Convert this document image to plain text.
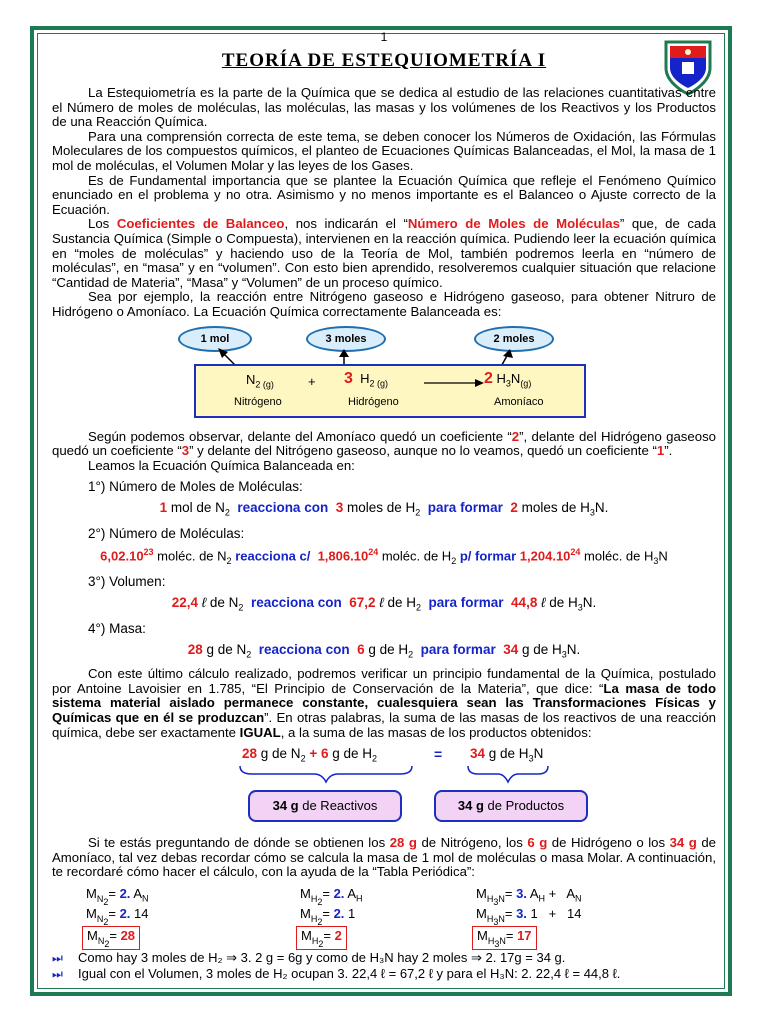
1
TEORÍA DE ESTEQUIOMETRÍA I

La Estequiometría es la parte de la Química que se dedica al estudio de las relaciones cuantitativas entre el Número de moles de moléculas, las moléculas, las masas y los volúmenes de los Reactivos y los Productos de una Reacción Química.

Para una comprensión correcta de este tema, se deben conocer los Números de Oxidación, las Fórmulas Moleculares de los compuestos químicos, el planteo de Ecuaciones Químicas Balanceadas, el Mol, la masa de 1 mol de moléculas, el Volumen Molar y las leyes de los Gases.

Es de Fundamental importancia que se plantee la Ecuación Química que refleje el Fenómeno Químico enunciado en el problema y no otra. Asimismo y no menos importante es el Balanceo o Ajuste correcto de la Ecuación.

Los Coeficientes de Balanceo, nos indicarán el “Número de Moles de Moléculas” que, de cada Sustancia Química (Simple o Compuesta), intervienen en la reacción química. Pudiendo leer la ecuación química en “moles de moléculas” y haciendo uso de la Teoría de Mol, también podremos leerla en “número de moléculas”, en “masa” y en “volumen”. Con esto bien aprendido, resolveremos cualquier situación que relacione “Cantidad de Materia”, “Masa” y “Volumen” de un proceso químico.

Sea por ejemplo, la reacción entre Nitrógeno gaseoso e Hidrógeno gaseoso, para obtener Nitruro de Hidrógeno o Amoníaco. La Ecuación Química correctamente Balanceada es:

1 mol	3 moles	2 moles
$N_{2 (g)}$	+ 3  $H_{2 (g)} \to 2$ $H_3N_{(g)}$
Nitrógeno	Hidrógeno	Amoníaco

Según podemos observar, delante del Amoníaco quedó un coeficiente “2”, delante del Hidrógeno gaseoso quedó un coeficiente “3” y delante del Nitrógeno gaseoso, aunque no lo veamos, quedó un coeficiente “1”.

Leamos la Ecuación Química Balanceada en:

1°) Número de Moles de Moléculas:
1 mol de $N_2$ reacciona con 3 moles de $H_2$ para formar 2 moles de $H_3N$.
2°) Número de Moléculas:
6,02.10$^{23}$ moléc. de $N_2$ reacciona c/ 1,806.10$^{24}$ moléc. de $H_2$ p/ formar 1,204.10$^{24}$ moléc. de $H_3N$
3°) Volumen:
22,4 ℓ de $N_2$ reacciona con 67,2 ℓ de $H_2$ para formar 44,8 ℓ de $H_3N$.
4°) Masa:
28 g de $N_2$ reacciona con 6 g de $H_2$ para formar 34 g de $H_3N$.

Con este último cálculo realizado, podremos verificar un principio fundamental de la Química, postulado por Antoine Lavoisier en 1.785, “El Principio de Conservación de la Materia”, que dice: “La masa de todo sistema material aislado permanece constante, cualesquiera sean las Transformaciones Físicas y Químicas que en él se produzcan”. En otras palabras, la suma de las masas de los reactivos de una reacción química, debe ser exactamente IGUAL, a la suma de las masas de los productos obtenidos:

28 g de $N_2 + 6$ g de $H_2$	= 34 g de $H_3N$
34 g de Reactivos	34 g de Productos

Si te estás preguntando de dónde se obtienen los 28 g de Nitrógeno, los 6 g de Hidrógeno o los 34 g de Amoníaco, tal vez debas recordar cómo se calcula la masa de 1 mol de moléculas o masa Molar. A continuación, te recordaré cómo hacer el cálculo, con la ayuda de la “Tabla Periódica”:

$M_{N_2}= 2$. $A_N$	$M_{H_2}= 2$. $A_H$	$M_{H_3N}= 3$. $A_H + A_N$
$M_{N_2}= 2$. 14	$M_{H_2}= 2$. 1	$M_{H_3N}= 3$. 1   +   14
$M_{N_2}= 28$	$M_{H_2}= 2$	$M_{H_3N}= 17$
⏭ Como hay 3 moles de H₂ ⇒ 3. 2 g = 6g y como de H₃N hay 2 moles ⇒ 2. 17g = 34 g.
⏭ Igual con el Volumen, 3 moles de H₂ ocupan 3. 22,4 ℓ = 67,2 ℓ y para el H₃N: 2. 22,4 ℓ = 44,8 ℓ.
